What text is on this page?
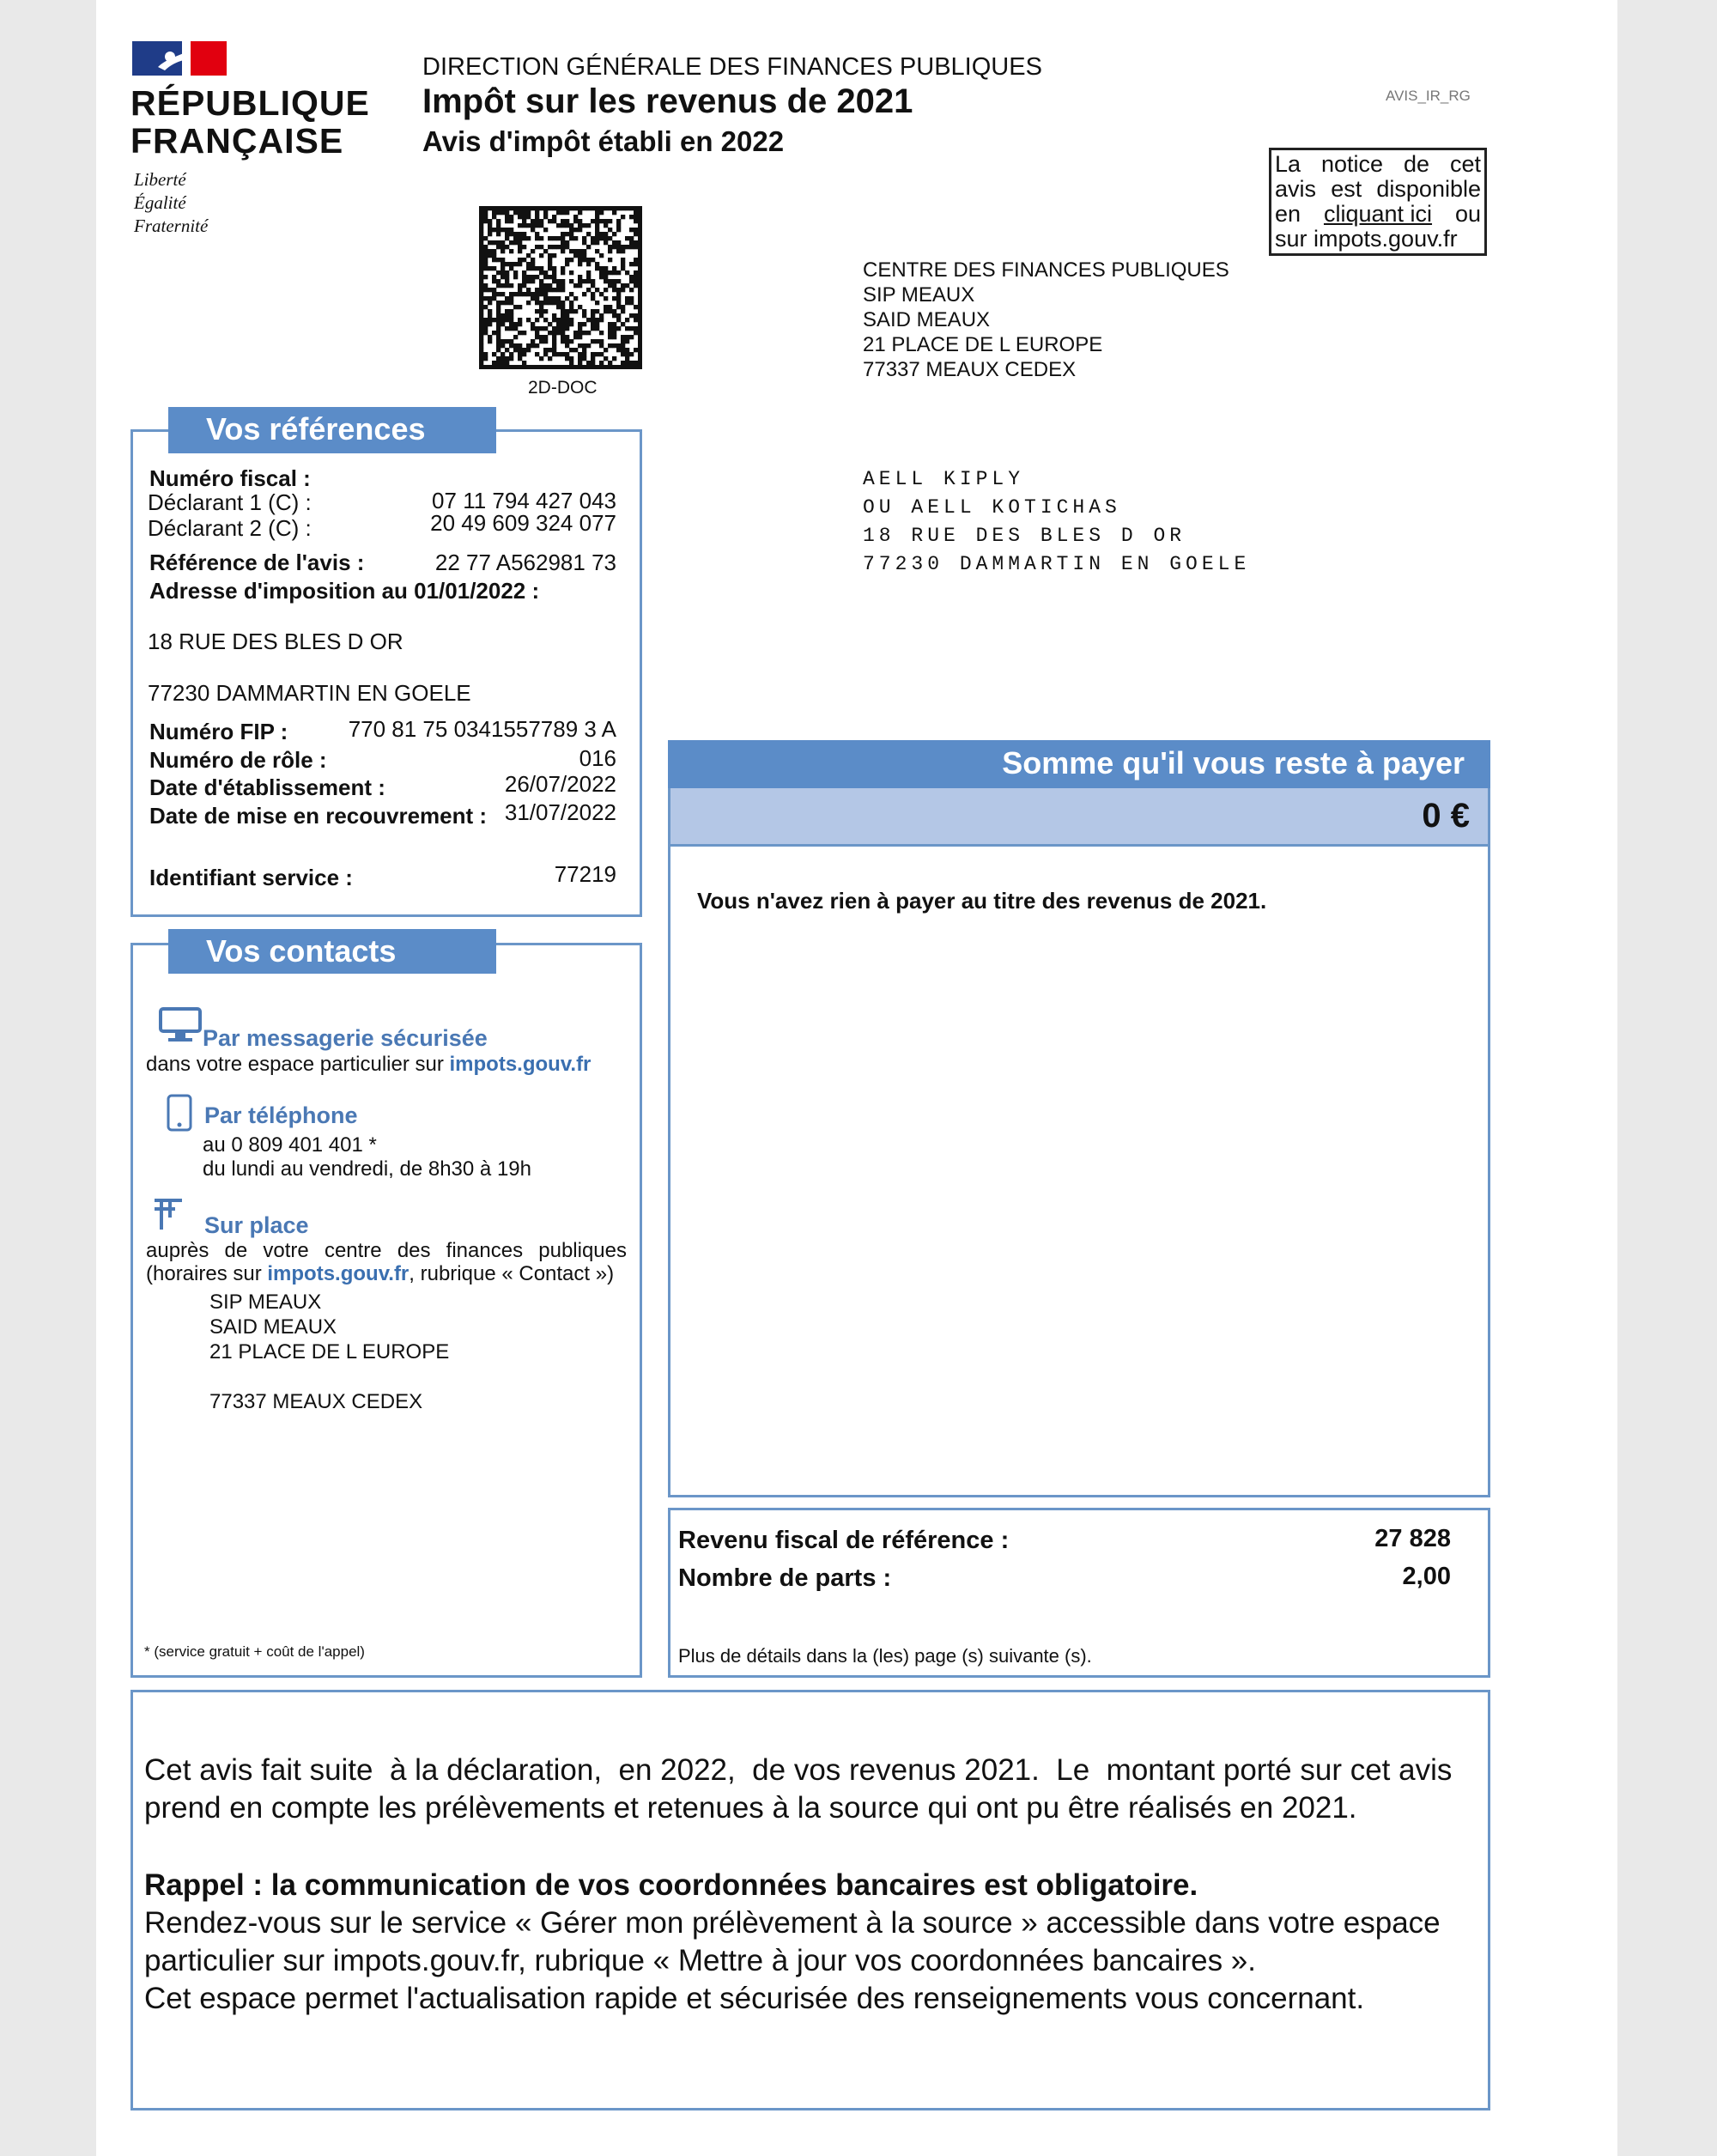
RÉPUBLIQUE
FRANÇAISE
Liberté
Égalité
Fraternité
DIRECTION GÉNÉRALE DES FINANCES PUBLIQUES
Impôt sur les revenus de 2021
Avis d'impôt établi en 2022
AVIS_IR_RG
La notice de cet
avis est disponible
en cliquant ici ou
sur impots.gouv.fr
2D-DOC
CENTRE DES FINANCES PUBLIQUES
SIP MEAUX
SAID MEAUX
21 PLACE DE L EUROPE
77337 MEAUX CEDEX
AELL KIPLY
OU AELL KOTICHAS
18 RUE DES BLES D OR
77230 DAMMARTIN EN GOELE
Vos références
Numéro fiscal :
Déclarant 1 (C) :	07 11 794 427 043
Déclarant 2 (C) :	20 49 609 324 077
Référence de l'avis :	22 77 A562981 73
Adresse d'imposition au 01/01/2022 :
18 RUE DES BLES D OR
77230 DAMMARTIN EN GOELE
Numéro FIP :	770 81 75 0341557789 3 A
Numéro de rôle :	016
Date d'établissement :	26/07/2022
Date de mise en recouvrement : 31/07/2022
Identifiant service :	77219
Vos contacts
Par messagerie sécurisée
dans votre espace particulier sur impots.gouv.fr
Par téléphone
au 0 809 401 401 *
du lundi au vendredi, de 8h30 à 19h
Sur place
auprès de votre centre des finances publiques
(horaires sur impots.gouv.fr, rubrique « Contact »)
SIP MEAUX
SAID MEAUX
21 PLACE DE L EUROPE
77337 MEAUX CEDEX
* (service gratuit + coût de l'appel)
Somme qu'il vous reste à payer
0 €
Vous n'avez rien à payer au titre des revenus de 2021.
Revenu fiscal de référence :	27 828
Nombre de parts :	2,00
Plus de détails dans la (les) page (s) suivante (s).
Cet avis fait suite  à la déclaration,  en 2022,  de vos revenus 2021.  Le  montant porté sur cet avis
prend en compte les prélèvements et retenues à la source qui ont pu être réalisés en 2021.
Rappel : la communication de vos coordonnées bancaires est obligatoire.
Rendez-vous sur le service « Gérer mon prélèvement à la source » accessible dans votre espace
particulier sur impots.gouv.fr, rubrique « Mettre à jour vos coordonnées bancaires ».
Cet espace permet l'actualisation rapide et sécurisée des renseignements vous concernant.
